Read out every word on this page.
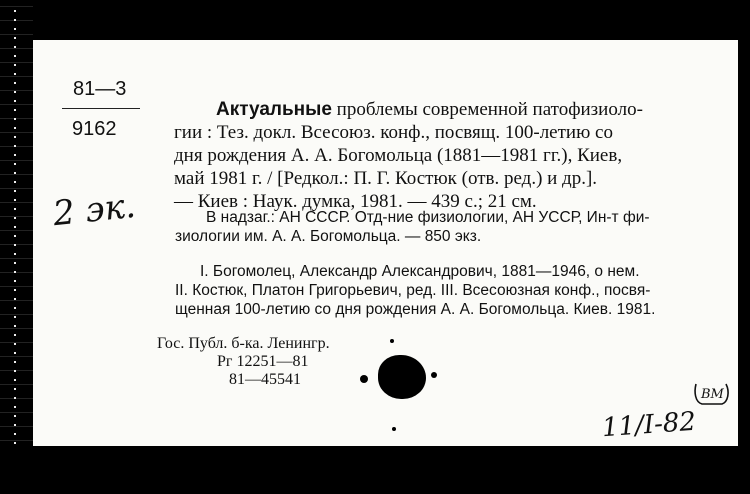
81—3
9162
2 эк.
Актуальные проблемы современной патофизиоло-
гии : Тез. докл. Всесоюз. конф., посвящ. 100-летию со
дня рождения А. А. Богомольца (1881—1981 гг.), Киев,
май 1981 г. / [Редкол.: П. Г. Костюк (отв. ред.) и др.].
— Киев : Наук. думка, 1981. — 439 с.; 21 см.
В надзаг.: АН СССР. Отд-ние физиологии, АН УССР, Ин-т фи-
зиологии им. А. А. Богомольца. — 850 экз.
I. Богомолец, Александр Александрович, 1881—1946, о нем.
II. Костюк, Платон Григорьевич, ред. III. Всесоюзная конф., посвя-
щенная 100-летию со дня рождения А. А. Богомольца. Киев. 1981.
Гос. Публ. б-ка. Ленингр.
Рг 12251—81
81—45541
11/I-82
ВМ
